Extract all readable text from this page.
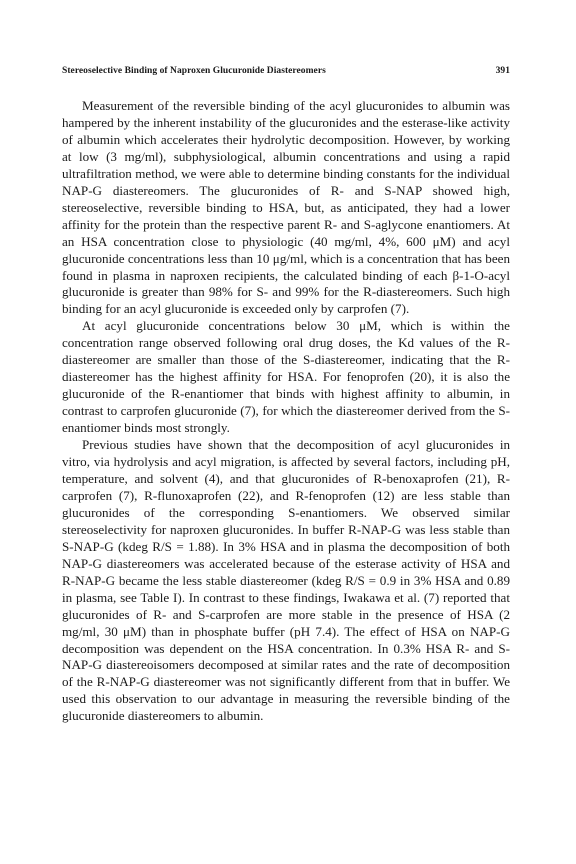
Stereoselective Binding of Naproxen Glucuronide Diastereomers	391

Measurement of the reversible binding of the acyl glucuronides to albumin was hampered by the inherent instability of the glucuronides and the esterase-like activity of albumin which accelerates their hydrolytic decomposition. However, by working at low (3 mg/ml), subphysiological, albumin concentrations and using a rapid ultrafiltration method, we were able to determine binding constants for the individual NAP-G diastereomers. The glucuronides of R- and S-NAP showed high, stereoselective, reversible binding to HSA, but, as anticipated, they had a lower affinity for the protein than the respective parent R- and S-aglycone enantiomers. At an HSA concentration close to physiologic (40 mg/ml, 4%, 600 μM) and acyl glucuronide concentrations less than 10 μg/ml, which is a concentration that has been found in plasma in naproxen recipients, the calculated binding of each β-1-O-acyl glucuronide is greater than 98% for S- and 99% for the R-diastereomers. Such high binding for an acyl glucuronide is exceeded only by carprofen (7).

At acyl glucuronide concentrations below 30 μM, which is within the concentration range observed following oral drug doses, the Kd values of the R-diastereomer are smaller than those of the S-diastereomer, indicating that the R-diastereomer has the highest affinity for HSA. For fenoprofen (20), it is also the glucuronide of the R-enantiomer that binds with highest affinity to albumin, in contrast to carprofen glucuronide (7), for which the diastereomer derived from the S-enantiomer binds most strongly.

Previous studies have shown that the decomposition of acyl glucuronides in vitro, via hydrolysis and acyl migration, is affected by several factors, including pH, temperature, and solvent (4), and that glucuronides of R-benoxaprofen (21), R-carprofen (7), R-flunoxaprofen (22), and R-fenoprofen (12) are less stable than glucuronides of the corresponding S-enantiomers. We observed similar stereoselectivity for naproxen glucuronides. In buffer R-NAP-G was less stable than S-NAP-G (kdeg R/S = 1.88). In 3% HSA and in plasma the decomposition of both NAP-G diastereomers was accelerated because of the esterase activity of HSA and R-NAP-G became the less stable diastereomer (kdeg R/S = 0.9 in 3% HSA and 0.89 in plasma, see Table I). In contrast to these findings, Iwakawa et al. (7) reported that glucuronides of R- and S-carprofen are more stable in the presence of HSA (2 mg/ml, 30 μM) than in phosphate buffer (pH 7.4). The effect of HSA on NAP-G decomposition was dependent on the HSA concentration. In 0.3% HSA R- and S-NAP-G diastereoisomers decomposed at similar rates and the rate of decomposition of the R-NAP-G diastereomer was not significantly different from that in buffer. We used this observation to our advantage in measuring the reversible binding of the glucuronide diastereomers to albumin.
